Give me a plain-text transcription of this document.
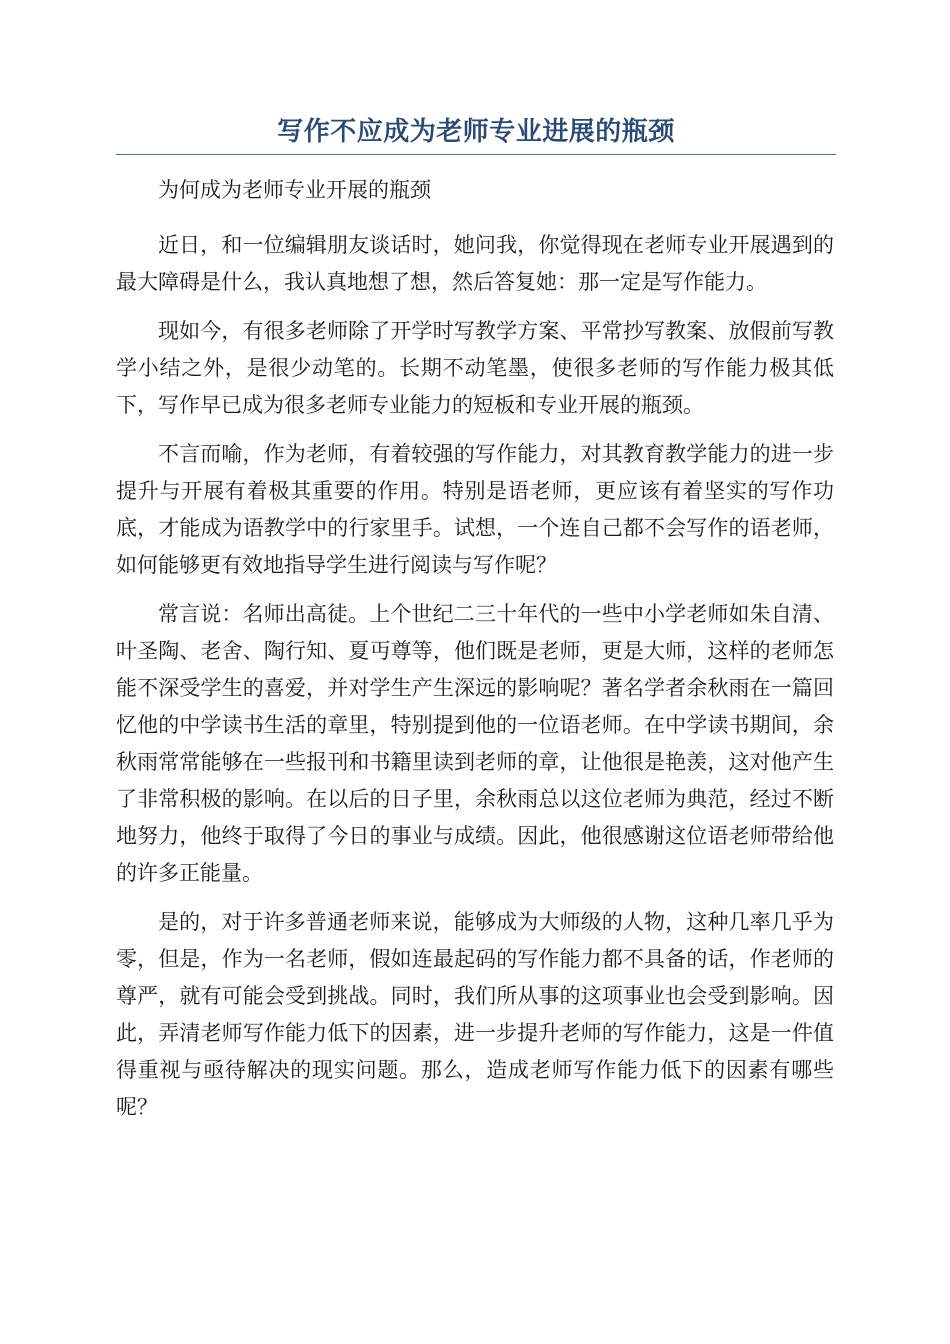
写作不应成为老师专业进展的瓶颈

为何成为老师专业开展的瓶颈

近日，和一位编辑朋友谈话时，她问我，你觉得现在老师专业开展遇到的最大障碍是什么，我认真地想了想，然后答复她：那一定是写作能力。

现如今，有很多老师除了开学时写教学方案、平常抄写教案、放假前写教学小结之外，是很少动笔的。长期不动笔墨，使很多老师的写作能力极其低下，写作早已成为很多老师专业能力的短板和专业开展的瓶颈。

不言而喻，作为老师，有着较强的写作能力，对其教育教学能力的进一步提升与开展有着极其重要的作用。特别是语老师，更应该有着坚实的写作功底，才能成为语教学中的行家里手。试想，一个连自己都不会写作的语老师，如何能够更有效地指导学生进行阅读与写作呢？

常言说：名师出高徒。上个世纪二三十年代的一些中小学老师如朱自清、叶圣陶、老舍、陶行知、夏丏尊等，他们既是老师，更是大师，这样的老师怎能不深受学生的喜爱，并对学生产生深远的影响呢？著名学者余秋雨在一篇回忆他的中学读书生活的章里，特别提到他的一位语老师。在中学读书期间，余秋雨常常能够在一些报刊和书籍里读到老师的章，让他很是艳羡，这对他产生了非常积极的影响。在以后的日子里，余秋雨总以这位老师为典范，经过不断地努力，他终于取得了今日的事业与成绩。因此，他很感谢这位语老师带给他的许多正能量。

是的，对于许多普通老师来说，能够成为大师级的人物，这种几率几乎为零，但是，作为一名老师，假如连最起码的写作能力都不具备的话，作老师的尊严，就有可能会受到挑战。同时，我们所从事的这项事业也会受到影响。因此，弄清老师写作能力低下的因素，进一步提升老师的写作能力，这是一件值得重视与亟待解决的现实问题。那么，造成老师写作能力低下的因素有哪些呢？
